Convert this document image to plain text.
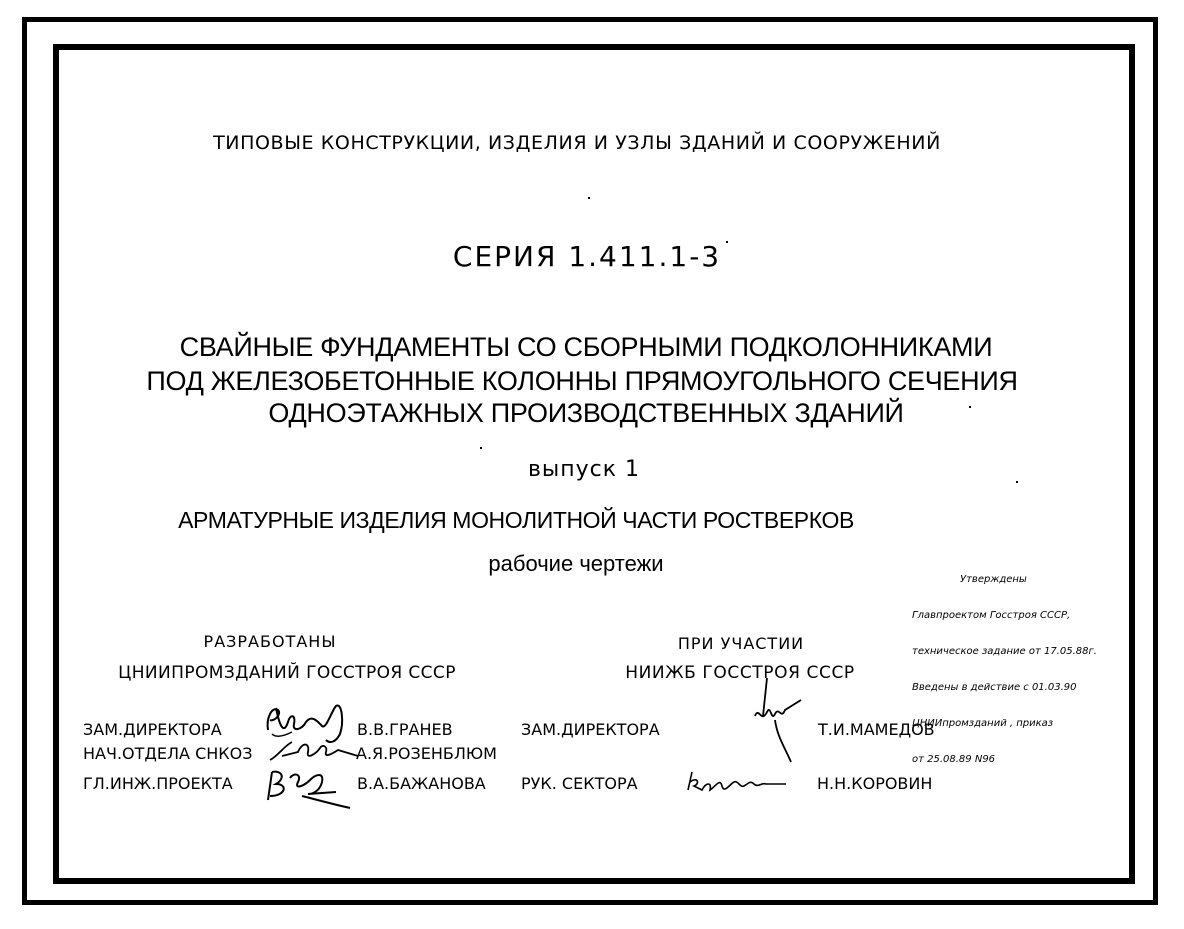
ТИПОВЫЕ КОНСТРУКЦИИ, ИЗДЕЛИЯ И УЗЛЫ ЗДАНИЙ И СООРУЖЕНИЙ
СЕРИЯ 1.411.1-3
СВАЙНЫЕ ФУНДАМЕНТЫ СО СБОРНЫМИ ПОДКОЛОННИКАМИ
ПОД ЖЕЛЕЗОБЕТОННЫЕ КОЛОННЫ ПРЯМОУГОЛЬНОГО СЕЧЕНИЯ
ОДНОЭТАЖНЫХ ПРОИЗВОДСТВЕННЫХ ЗДАНИЙ
выпуск 1
АРМАТУРНЫЕ ИЗДЕЛИЯ МОНОЛИТНОЙ ЧАСТИ РОСТВЕРКОВ
рабочие чертежи

Утверждены

Главпроектом Госстроя СССР,

техническое задание от 17.05.88г.

Введены в действие с 01.03.90

ЦНИИпромзданий , приказ

от 25.08.89 N96

РАЗРАБОТАНЫ
ЦНИИПРОМЗДАНИЙ ГОССТРОЯ СССР
ПРИ УЧАСТИИ
НИИЖБ ГОССТРОЯ СССР
ЗАМ.ДИРЕКТОРА	В.В.ГРАНЕВ
НАЧ.ОТДЕЛА СНКОЗ	А.Я.РОЗЕНБЛЮМ
ГЛ.ИНЖ.ПРОЕКТА	В.А.БАЖАНОВА
ЗАМ.ДИРЕКТОРА	Т.И.МАМЕДОВ
РУК. СЕКТОРА	Н.Н.КОРОВИН
